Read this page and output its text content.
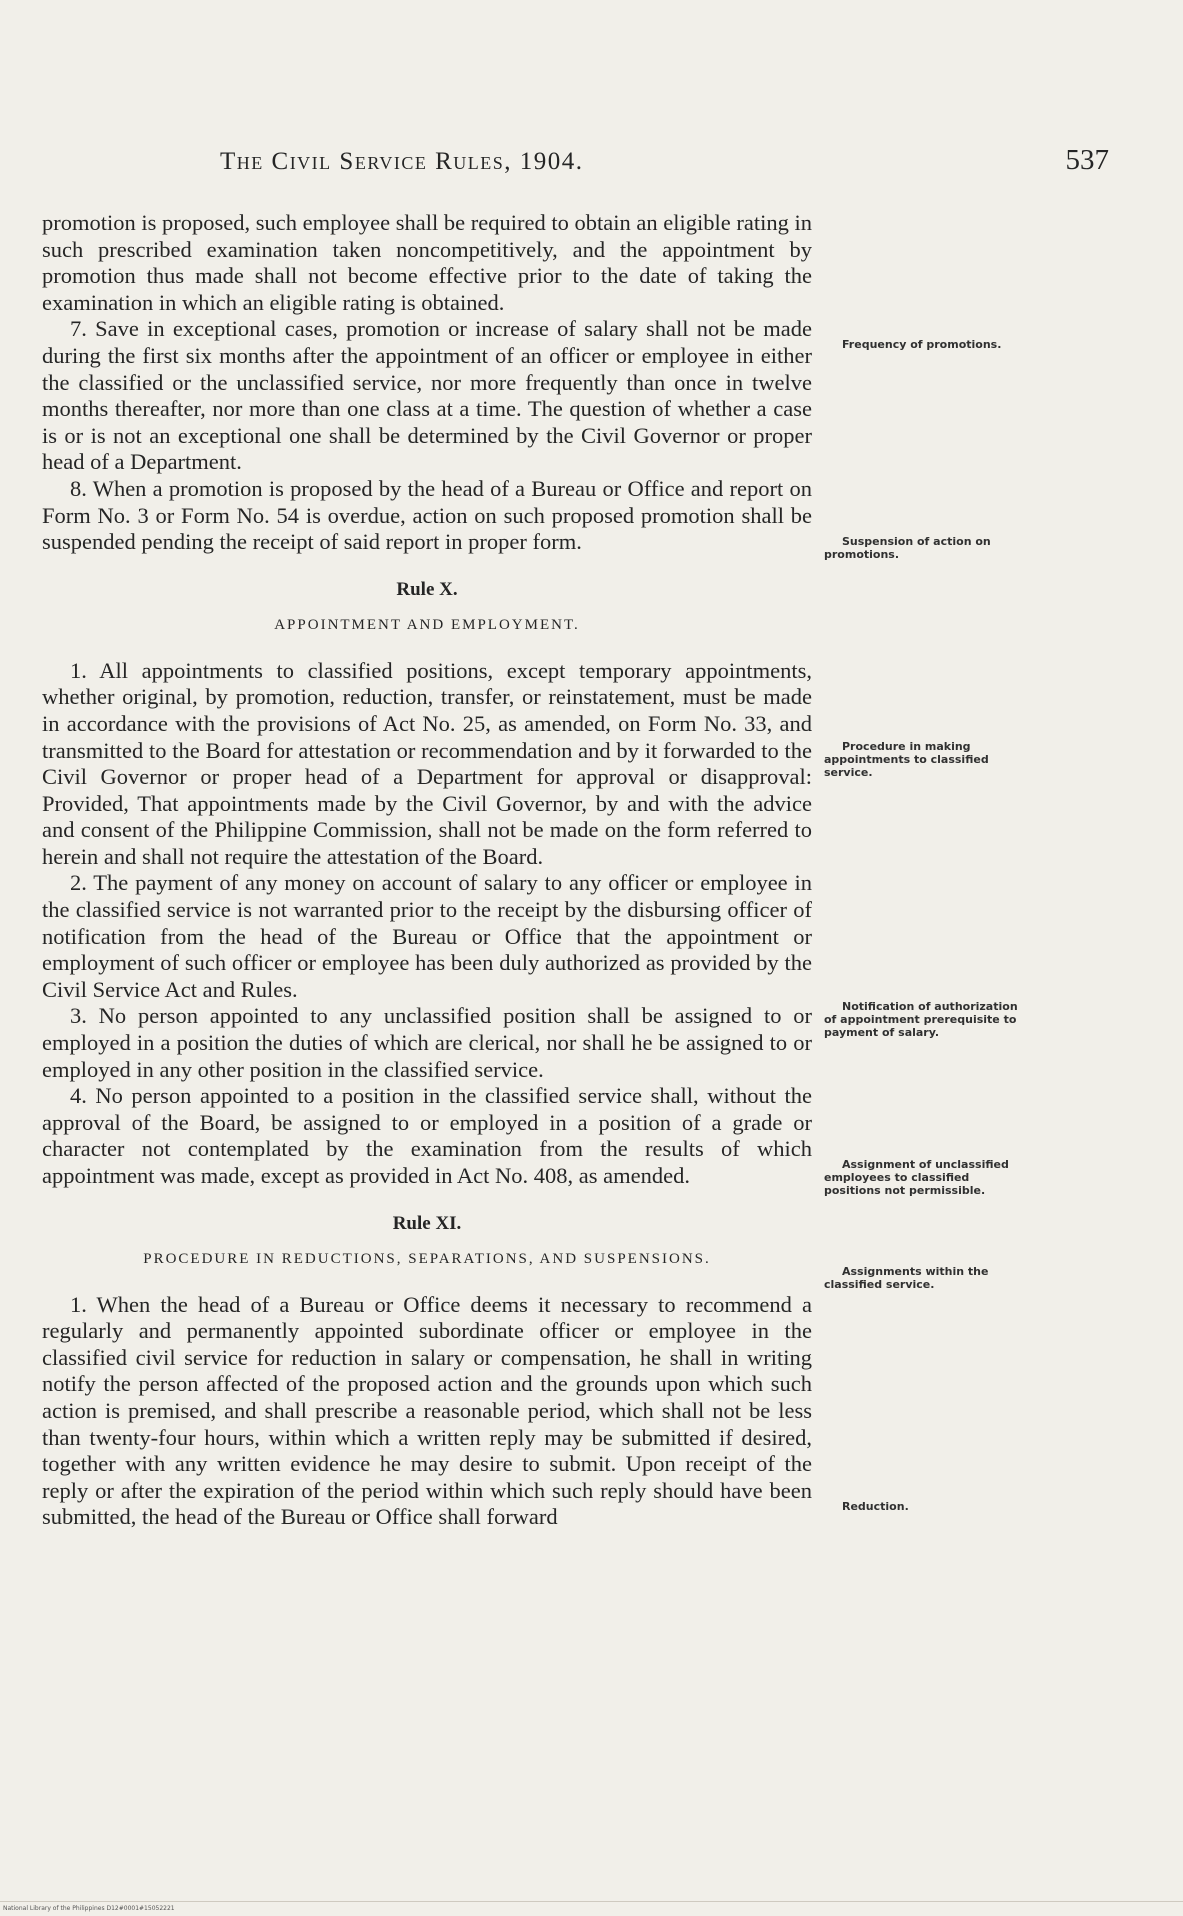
The Civil Service Rules, 1904.	537

promotion is proposed, such employee shall be required to obtain an eligible rating in such prescribed examination taken noncompetitively, and the appointment by promotion thus made shall not become effective prior to the date of taking the examination in which an eligible rating is obtained.

7. Save in exceptional cases, promotion or increase of salary shall not be made during the first six months after the appointment of an officer or employee in either the classified or the unclassified service, nor more frequently than once in twelve months thereafter, nor more than one class at a time. The question of whether a case is or is not an exceptional one shall be determined by the Civil Governor or proper head of a Department.

8. When a promotion is proposed by the head of a Bureau or Office and report on Form No. 3 or Form No. 54 is overdue, action on such proposed promotion shall be suspended pending the receipt of said report in proper form.

Rule X.
APPOINTMENT AND EMPLOYMENT.

1. All appointments to classified positions, except temporary appointments, whether original, by promotion, reduction, transfer, or reinstatement, must be made in accordance with the provisions of Act No. 25, as amended, on Form No. 33, and transmitted to the Board for attestation or recommendation and by it forwarded to the Civil Governor or proper head of a Department for approval or disapproval: Provided, That appointments made by the Civil Governor, by and with the advice and consent of the Philippine Commission, shall not be made on the form referred to herein and shall not require the attestation of the Board.

2. The payment of any money on account of salary to any officer or employee in the classified service is not warranted prior to the receipt by the disbursing officer of notification from the head of the Bureau or Office that the appointment or employment of such officer or employee has been duly authorized as provided by the Civil Service Act and Rules.

3. No person appointed to any unclassified position shall be assigned to or employed in a position the duties of which are clerical, nor shall he be assigned to or employed in any other position in the classified service.

4. No person appointed to a position in the classified service shall, without the approval of the Board, be assigned to or employed in a position of a grade or character not contemplated by the examination from the results of which appointment was made, except as provided in Act No. 408, as amended.

Rule XI.
PROCEDURE IN REDUCTIONS, SEPARATIONS, AND SUSPENSIONS.

1. When the head of a Bureau or Office deems it necessary to recommend a regularly and permanently appointed subordinate officer or employee in the classified civil service for reduction in salary or compensation, he shall in writing notify the person affected of the proposed action and the grounds upon which such action is premised, and shall prescribe a reasonable period, which shall not be less than twenty-four hours, within which a written reply may be submitted if desired, together with any written evidence he may desire to submit. Upon receipt of the reply or after the expiration of the period within which such reply should have been submitted, the head of the Bureau or Office shall forward

Frequency of promotions.
Suspension of action on promotions.
Procedure in making appointments to classified service.
Notification of authorization of appointment prerequisite to payment of salary.
Assignment of unclassified employees to classified positions not permissible.
Assignments within the classified service.
Reduction.
National Library of the Philippines D12#0001#15052221
